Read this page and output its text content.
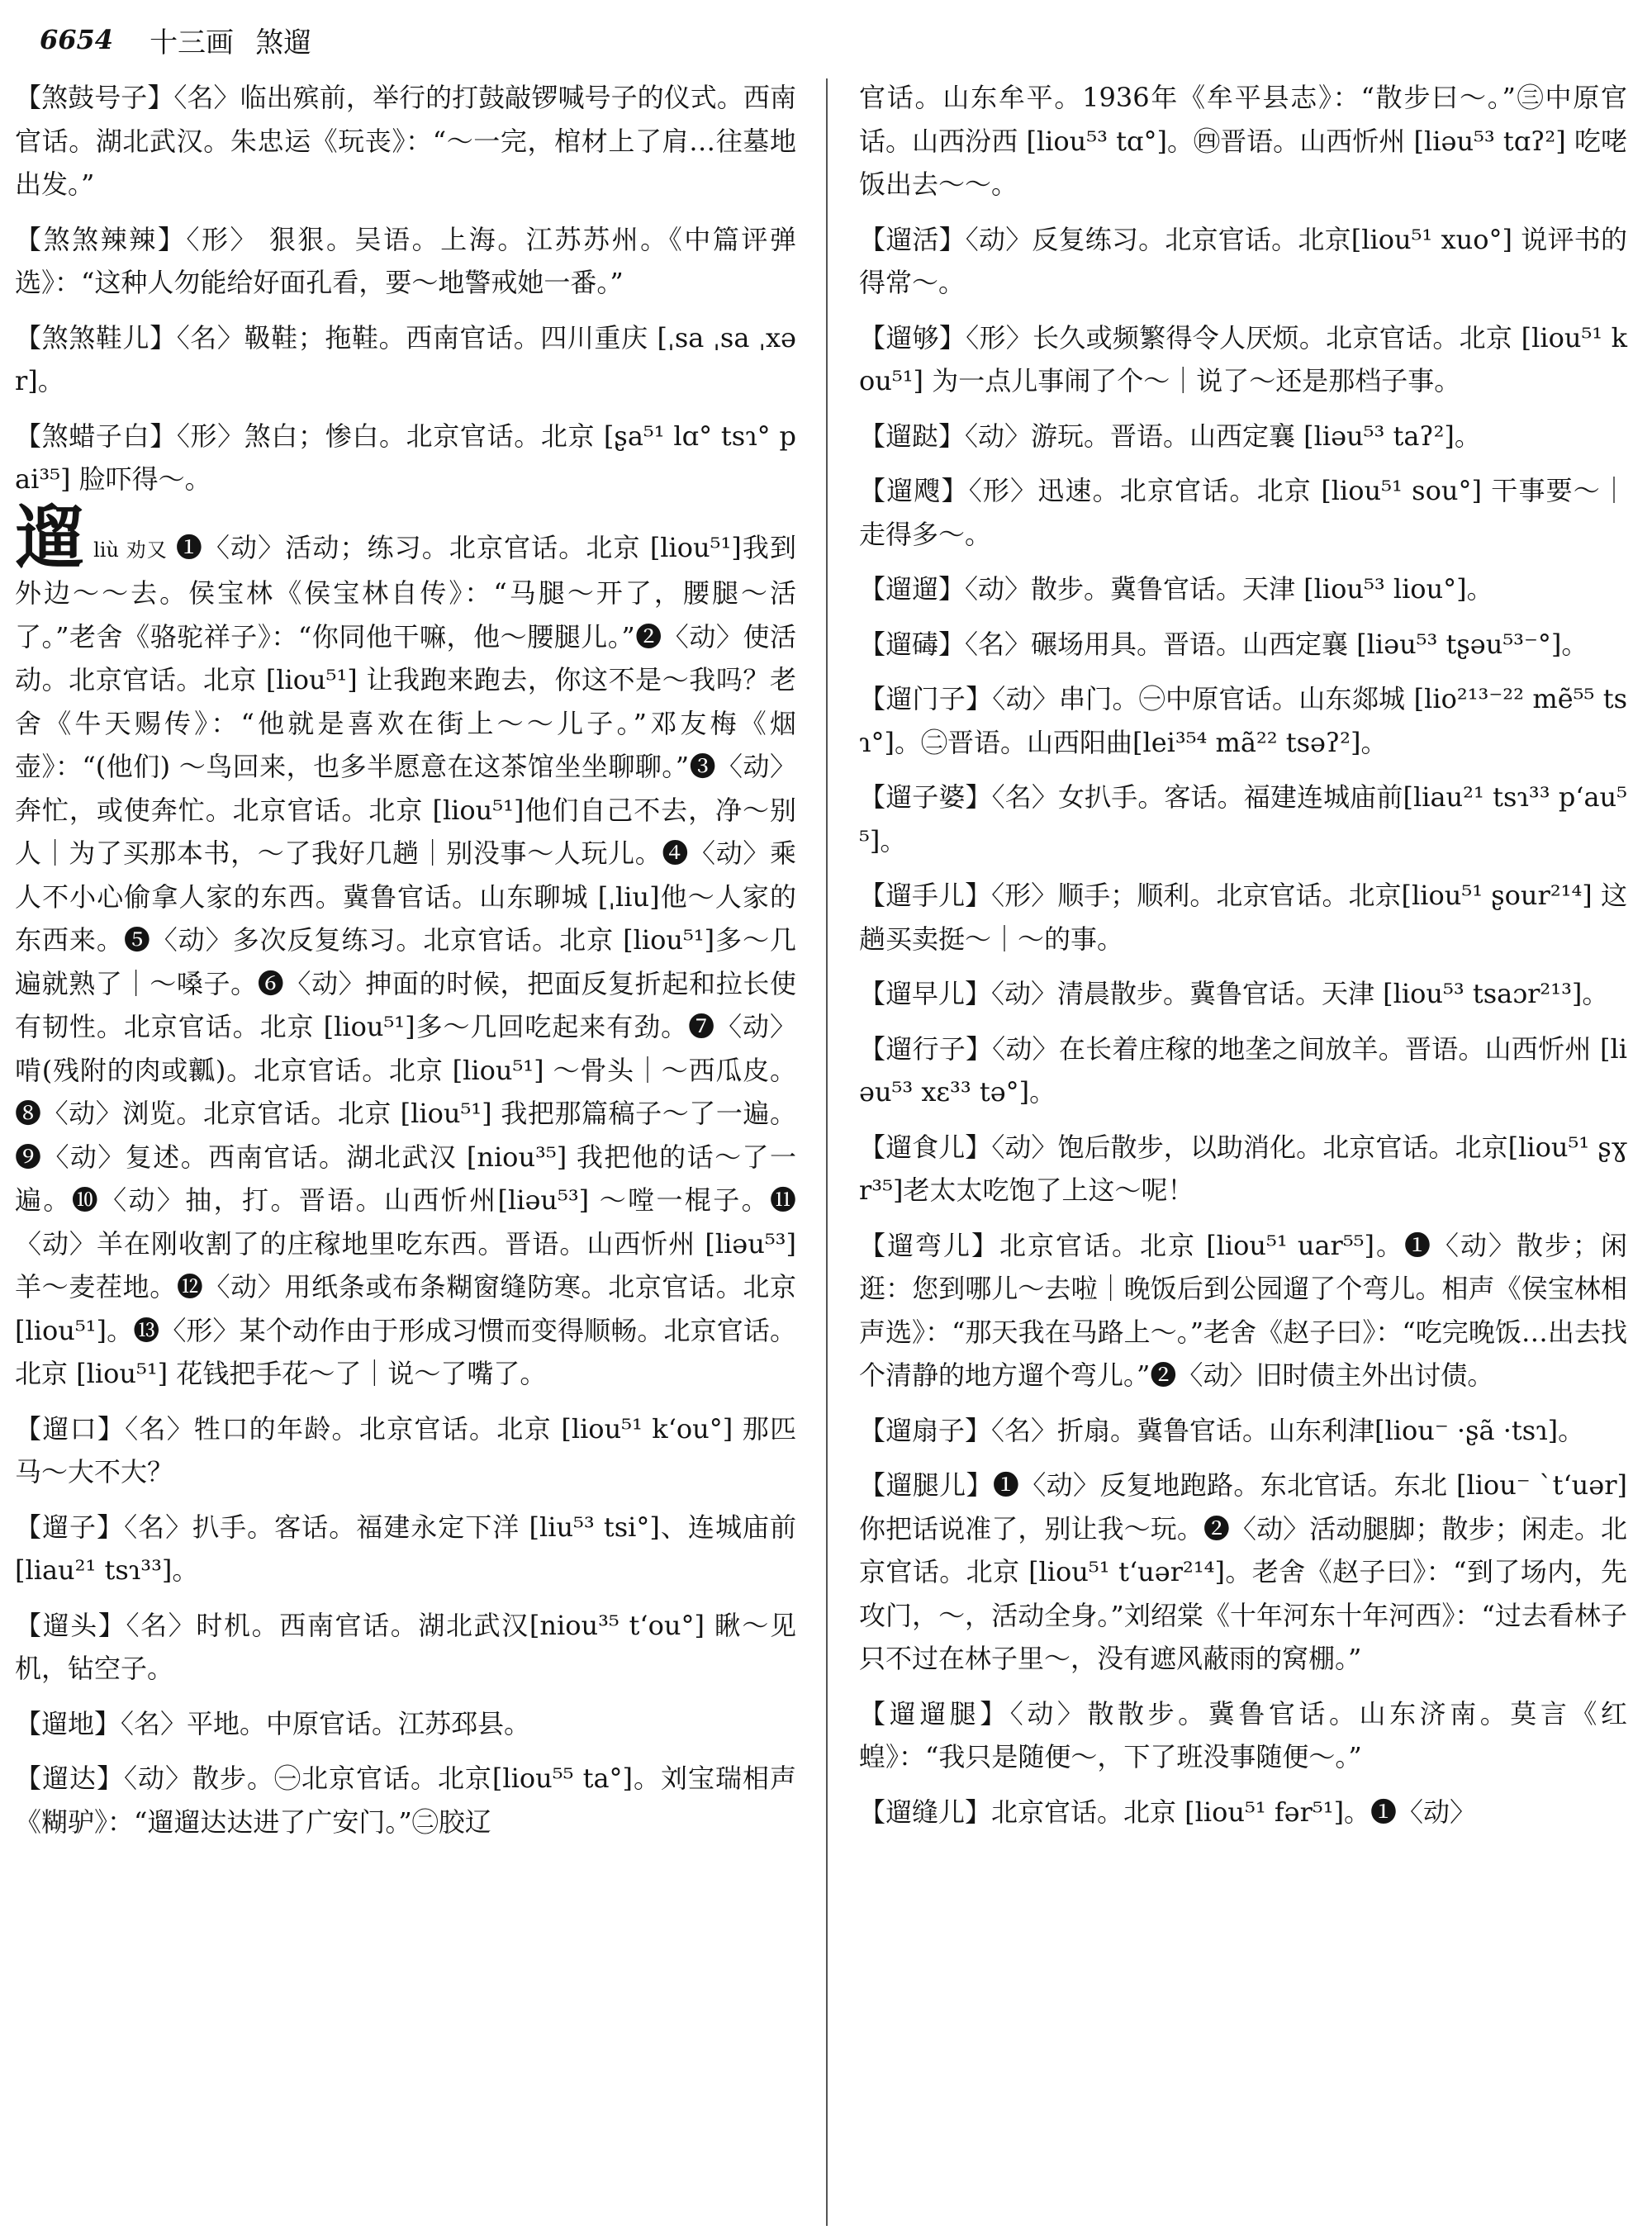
6654 十三画 煞遛

【煞鼓号子】〈名〉临出殡前，举行的打鼓敲锣喊号子的仪式。西南官话。湖北武汉。朱忠运《玩丧》：“～一完，棺材上了肩…往墓地出发。”

【煞煞辣辣】〈形〉 狠狠。吴语。上海。江苏苏州。《中篇评弹选》：“这种人勿能给好面孔看，要～地警戒她一番。”

【煞煞鞋儿】〈名〉靸鞋；拖鞋。西南官话。四川重庆 [ˌsa ˌsa ˌxər]。

【煞蜡子白】〈形〉煞白；惨白。北京官话。北京 [ʂa⁵¹ lɑ° tsɿ° pai³⁵] 脸吓得～。

遛liù 劝又 ❶〈动〉活动；练习。北京官话。北京 [liou⁵¹]我到外边～～去。侯宝林《侯宝林自传》：“马腿～开了，腰腿～活了。”老舍《骆驼祥子》：“你同他干嘛，他～腰腿儿。”❷〈动〉使活动。北京官话。北京 [liou⁵¹] 让我跑来跑去，你这不是～我吗？老舍《牛天赐传》：“他就是喜欢在街上～～儿子。”邓友梅《烟壶》：“(他们) ～鸟回来，也多半愿意在这茶馆坐坐聊聊。”❸〈动〉奔忙，或使奔忙。北京官话。北京 [liou⁵¹]他们自己不去，净～别人｜为了买那本书，～了我好几趟｜别没事～人玩儿。❹〈动〉乘人不小心偷拿人家的东西。冀鲁官话。山东聊城 [ˌliu]他～人家的东西来。❺〈动〉多次反复练习。北京官话。北京 [liou⁵¹]多～几遍就熟了｜～嗓子。❻〈动〉抻面的时候，把面反复折起和拉长使有韧性。北京官话。北京 [liou⁵¹]多～几回吃起来有劲。❼〈动〉啃(残附的肉或瓤)。北京官话。北京 [liou⁵¹] ～骨头｜～西瓜皮。❽〈动〉浏览。北京官话。北京 [liou⁵¹] 我把那篇稿子～了一遍。❾〈动〉复述。西南官话。湖北武汉 [niou³⁵] 我把他的话～了一遍。❿〈动〉抽，打。晋语。山西忻州[liəu⁵³] ～嘡一棍子。⓫〈动〉羊在刚收割了的庄稼地里吃东西。晋语。山西忻州 [liəu⁵³] 羊～麦茬地。⓬〈动〉用纸条或布条糊窗缝防寒。北京官话。北京[liou⁵¹]。⓭〈形〉某个动作由于形成习惯而变得顺畅。北京官话。北京 [liou⁵¹] 花钱把手花～了｜说～了嘴了。

【遛口】〈名〉牲口的年龄。北京官话。北京 [liou⁵¹ k‘ou°] 那匹马～大不大？

【遛子】〈名〉扒手。客话。福建永定下洋 [liu⁵³ tsi°]、连城庙前 [liau²¹ tsɿ³³]。

【遛头】〈名〉时机。西南官话。湖北武汉[niou³⁵ t‘ou°] 瞅～见机，钻空子。

【遛地】〈名〉平地。中原官话。江苏邳县。

【遛达】〈动〉散步。㊀北京官话。北京[liou⁵⁵ ta°]。刘宝瑞相声《糊驴》：“遛遛达达进了广安门。”㊁胶辽

官话。山东牟平。1936年《牟平县志》：“散步曰～。”㊂中原官话。山西汾西 [liou⁵³ tɑ°]。㊃晋语。山西忻州 [liəu⁵³ tɑʔ²] 吃咾饭出去～～。

【遛活】〈动〉反复练习。北京官话。北京[liou⁵¹ xuo°] 说评书的得常～。

【遛够】〈形〉长久或频繁得令人厌烦。北京官话。北京 [liou⁵¹ kou⁵¹] 为一点儿事闹了个～｜说了～还是那档子事。

【遛跶】〈动〉游玩。晋语。山西定襄 [liəu⁵³ taʔ²]。

【遛飕】〈形〉迅速。北京官话。北京 [liou⁵¹ sou°] 干事要～｜走得多～。

【遛遛】〈动〉散步。冀鲁官话。天津 [liou⁵³ liou°]。

【遛碡】〈名〉碾场用具。晋语。山西定襄 [liəu⁵³ tʂəu⁵³⁻°]。

【遛门子】〈动〉串门。㊀中原官话。山东郯城 [lio²¹³⁻²² mẽ⁵⁵ tsɿ°]。㊁晋语。山西阳曲[lei³⁵⁴ mã²² tsǝʔ²]。

【遛子婆】〈名〉女扒手。客话。福建连城庙前[liau²¹ tsɿ³³ p‘au⁵⁵]。

【遛手儿】〈形〉顺手；顺利。北京官话。北京[liou⁵¹ ʂour²¹⁴] 这趟买卖挺～｜～的事。

【遛早儿】〈动〉清晨散步。冀鲁官话。天津 [liou⁵³ tsaɔr²¹³]。

【遛行子】〈动〉在长着庄稼的地垄之间放羊。晋语。山西忻州 [liəu⁵³ xɛ³³ tə°]。

【遛食儿】〈动〉饱后散步，以助消化。北京官话。北京[liou⁵¹ ʂɣr³⁵]老太太吃饱了上这～呢！

【遛弯儿】北京官话。北京 [liou⁵¹ uar⁵⁵]。❶〈动〉散步；闲逛：您到哪儿～去啦｜晚饭后到公园遛了个弯儿。相声《侯宝林相声选》：“那天我在马路上～。”老舍《赵子曰》：“吃完晚饭…出去找个清静的地方遛个弯儿。”❷〈动〉旧时债主外出讨债。

【遛扇子】〈名〉折扇。冀鲁官话。山东利津[liou⁻ ·ʂã ·tsɿ]。

【遛腿儿】❶〈动〉反复地跑路。东北官话。东北 [liou⁻ ˋt‘uər] 你把话说准了，别让我～玩。❷〈动〉活动腿脚；散步；闲走。北京官话。北京 [liou⁵¹ t‘uər²¹⁴]。老舍《赵子曰》：“到了场内，先攻门，～，活动全身。”刘绍棠《十年河东十年河西》：“过去看林子只不过在林子里～，没有遮风蔽雨的窝棚。”

【遛遛腿】〈动〉散散步。冀鲁官话。山东济南。莫言《红蝗》：“我只是随便～，下了班没事随便～。”

【遛缝儿】北京官话。北京 [liou⁵¹ fər⁵¹]。❶〈动〉
